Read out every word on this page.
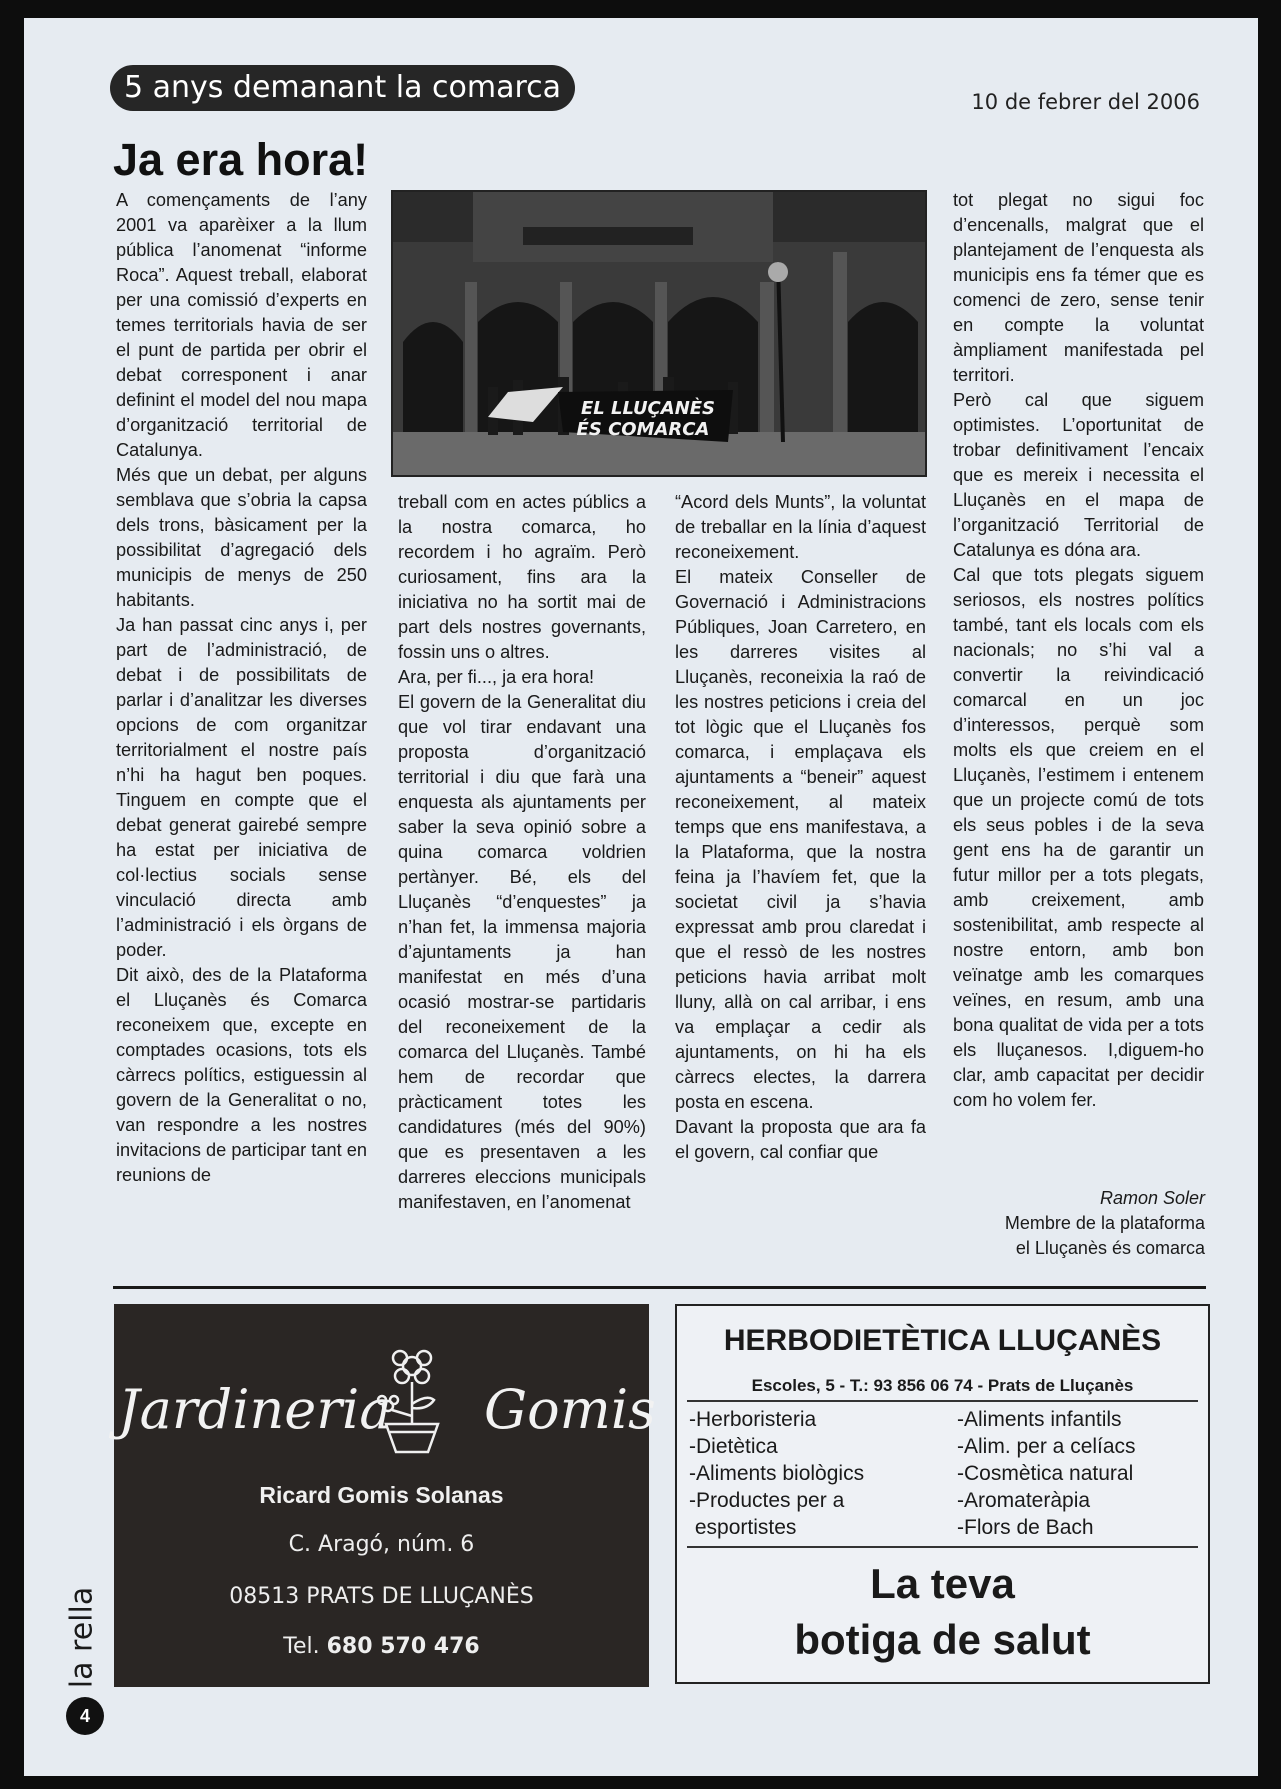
5 anys demanant la comarca	10 de febrer del 2006
Ja era hora!

A començaments de l’any 2001 va aparèixer a la llum pública l’anomenat “informe Roca”. Aquest treball, elaborat per una comissió d’experts en temes territorials havia de ser el punt de partida per obrir el debat corresponent i anar definint el model del nou mapa d’organització territorial de Catalunya.

Més que un debat, per alguns semblava que s’obria la capsa dels trons, bàsicament per la possibilitat d’agregació dels municipis de menys de 250 habitants.

Ja han passat cinc anys i, per part de l’administració, de debat i de possibilitats de parlar i d’analitzar les diverses opcions de com organitzar territorialment el nostre país n’hi ha hagut ben poques. Tinguem en compte que el debat generat gairebé sempre ha estat per iniciativa de col·lectius socials sense vinculació directa amb l’administració i els òrgans de poder.

Dit això, des de la Plataforma el Lluçanès és Comarca reconeixem que, excepte en comptades ocasions, tots els càrrecs polítics, estiguessin al govern de la Generalitat o no, van respondre a les nostres invitacions de participar tant en reunions de

EL LLUÇANÈS
ÉS COMARCA

treball com en actes públics a la nostra comarca, ho recordem i ho agraïm. Però curiosament, fins ara la iniciativa no ha sortit mai de part dels nostres governants, fossin uns o altres.

Ara, per fi..., ja era hora!

El govern de la Generalitat diu que vol tirar endavant una proposta d’organització territorial i diu que farà una enquesta als ajuntaments per saber la seva opinió sobre a quina comarca voldrien pertànyer. Bé, els del Lluçanès “d’enquestes” ja n’han fet, la immensa majoria d’ajuntaments ja han manifestat en més d’una ocasió mostrar-se partidaris del reconeixement de la comarca del Lluçanès. També hem de recordar que pràcticament totes les candidatures (més del 90%) que es presentaven a les darreres eleccions municipals manifestaven, en l’anomenat

“Acord dels Munts”, la voluntat de treballar en la línia d’aquest reconeixement.

El mateix Conseller de Governació i Administracions Públiques, Joan Carretero, en les darreres visites al Lluçanès, reconeixia la raó de les nostres peticions i creia del tot lògic que el Lluçanès fos comarca, i emplaçava els ajuntaments a “beneir” aquest reconeixement, al mateix temps que ens manifestava, a la Plataforma, que la nostra feina ja l’havíem fet, que la societat civil ja s’havia expressat amb prou claredat i que el ressò de les nostres peticions havia arribat molt lluny, allà on cal arribar, i ens va emplaçar a cedir als ajuntaments, on hi ha els càrrecs electes, la darrera posta en escena.

Davant la proposta que ara fa el govern, cal confiar que

tot plegat no sigui foc d’encenalls, malgrat que el plantejament de l’enquesta als municipis ens fa témer que es comenci de zero, sense tenir en compte la voluntat àmpliament manifestada pel territori.

Però cal que siguem optimistes. L’oportunitat de trobar definitivament l’encaix que es mereix i necessita el Lluçanès en el mapa de l’organització Territorial de Catalunya es dóna ara.

Cal que tots plegats siguem seriosos, els nostres polítics també, tant els locals com els nacionals; no s’hi val a convertir la reivindicació comarcal en un joc d’interessos, perquè som molts els que creiem en el Lluçanès, l’estimem i entenem que un projecte comú de tots els seus pobles i de la seva gent ens ha de garantir un futur millor per a tots plegats, amb creixement, amb sostenibilitat, amb respecte al nostre entorn, amb bon veïnatge amb les comarques veïnes, en resum, amb una bona qualitat de vida per a tots els lluçanesos. I,diguem-ho clar, amb capacitat per decidir com ho volem fer.

Ramon Soler
Membre de la plataforma
el Lluçanès és comarca
Jardineria Gomis
Ricard Gomis Solanas
C. Aragó, núm. 6
08513 PRATS DE LLUÇANÈS
Tel. 680 570 476
HERBODIETÈTICA LLUÇANÈS
Escoles, 5 - T.: 93 856 06 74 - Prats de Lluçanès
-Herboristeria
-Dietètica
-Aliments biològics
-Productes per a
esportistes
-Aliments infantils
-Alim. per a celíacs
-Cosmètica natural
-Aromateràpia
-Flors de Bach
La teva
botiga de salut
la rella
4
